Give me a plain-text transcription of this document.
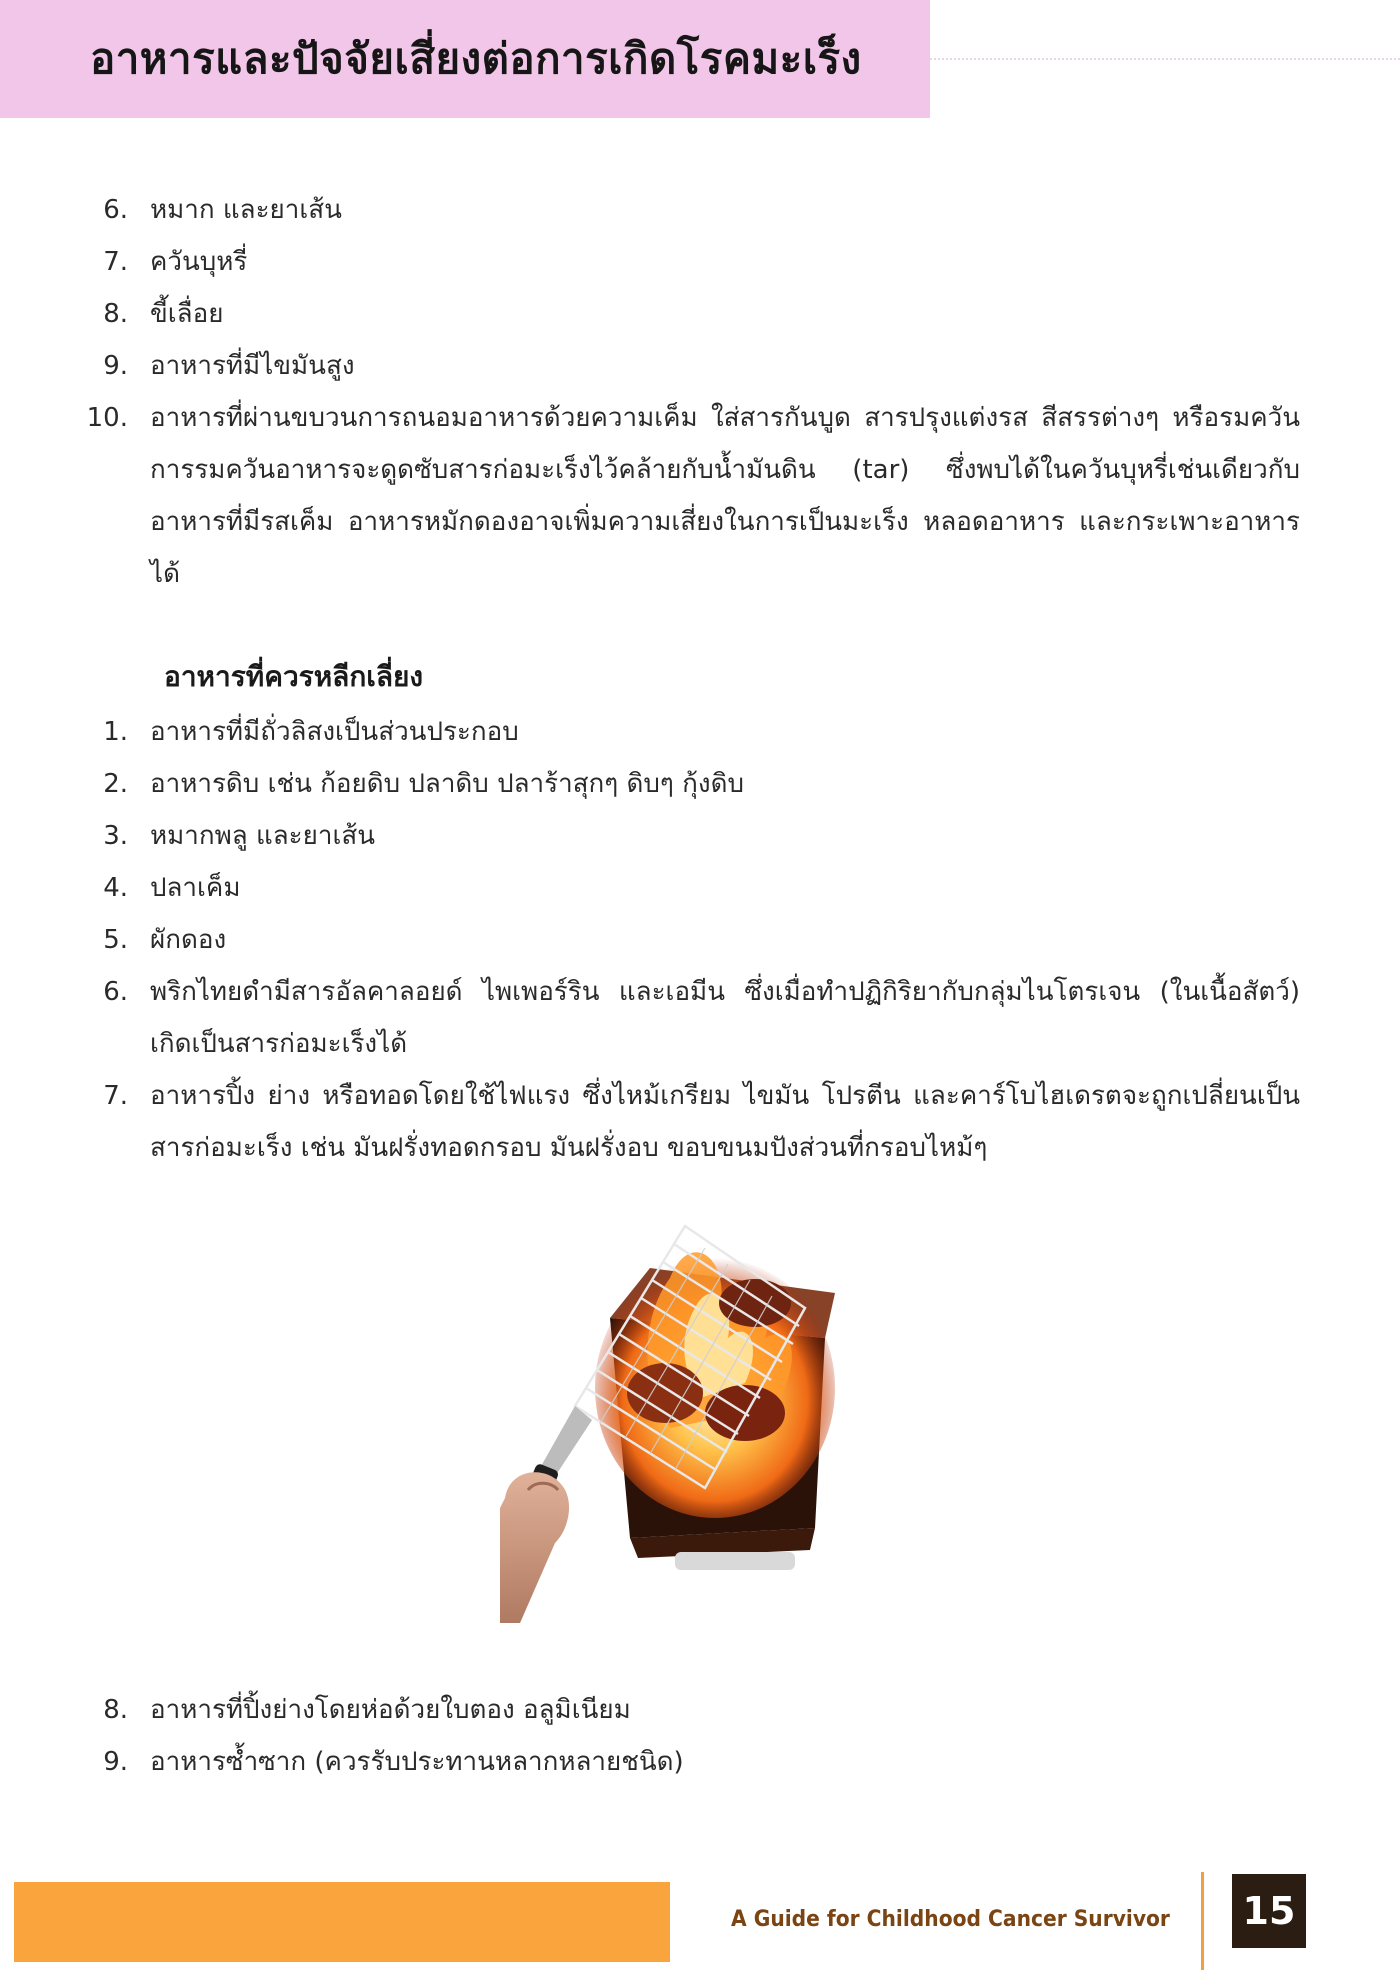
อาหารและปัจจัยเสี่ยงต่อการเกิดโรคมะเร็ง
6. หมาก และยาเส้น
7. ควันบุหรี่
8. ขี้เลื่อย
9. อาหารที่มีไขมันสูง
10. อาหารที่ผ่านขบวนการถนอมอาหารด้วยความเค็ม ใส่สารกันบูด สารปรุงแต่งรส สีสรรต่างๆ หรือรมควัน การรมควันอาหารจะดูดซับสารก่อมะเร็งไว้คล้ายกับน้ำมันดิน (tar) ซึ่งพบได้ในควันบุหรี่เช่นเดียวกับอาหารที่มีรสเค็ม อาหารหมักดองอาจเพิ่มความเสี่ยงในการเป็นมะเร็ง หลอดอาหาร และกระเพาะอาหารได้
อาหารที่ควรหลีกเลี่ยง
1. อาหารที่มีถั่วลิสงเป็นส่วนประกอบ
2. อาหารดิบ เช่น ก้อยดิบ ปลาดิบ ปลาร้าสุกๆ ดิบๆ กุ้งดิบ
3. หมากพลู และยาเส้น
4. ปลาเค็ม
5. ผักดอง
6. พริกไทยดำมีสารอัลคาลอยด์ ไพเพอร์ริน และเอมีน ซึ่งเมื่อทำปฏิกิริยากับกลุ่มไนโตรเจน (ในเนื้อสัตว์) เกิดเป็นสารก่อมะเร็งได้
7. อาหารปิ้ง ย่าง หรือทอดโดยใช้ไฟแรง ซึ่งไหม้เกรียม ไขมัน โปรตีน และคาร์โบไฮเดรตจะถูกเปลี่ยนเป็นสารก่อมะเร็ง เช่น มันฝรั่งทอดกรอบ มันฝรั่งอบ ขอบขนมปังส่วนที่กรอบไหม้ๆ
8. อาหารที่ปิ้งย่างโดยห่อด้วยใบตอง อลูมิเนียม
9. อาหารซ้ำซาก (ควรรับประทานหลากหลายชนิด)
A Guide for Childhood Cancer Survivor 15
